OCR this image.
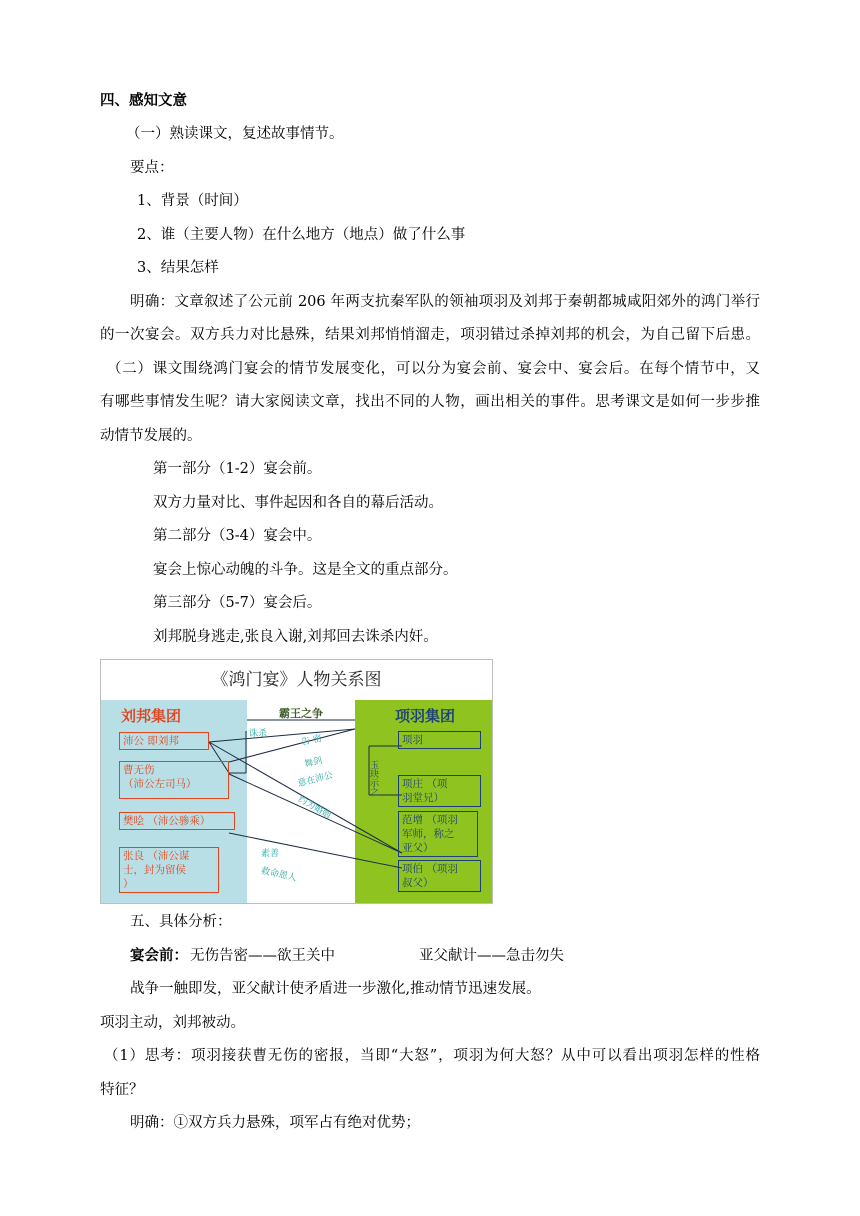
四、感知文意
（一）熟读课文，复述故事情节。
要点：
1、背景（时间）
2、谁（主要人物）在什么地方（地点）做了什么事
3、结果怎样
明确：文章叙述了公元前 206 年两支抗秦军队的领袖项羽及刘邦于秦朝都城咸阳郊外的鸿门举行
的一次宴会。双方兵力对比悬殊，结果刘邦悄悄溜走，项羽错过杀掉刘邦的机会，为自己留下后患。
（二）课文围绕鸿门宴会的情节发展变化，可以分为宴会前、宴会中、宴会后。在每个情节中，又
有哪些事情发生呢？请大家阅读文章，找出不同的人物，画出相关的事件。思考课文是如何一步步推
动情节发展的。
第一部分（1-2）宴会前。
双方力量对比、事件起因和各自的幕后活动。
第二部分（3-4）宴会中。
宴会上惊心动魄的斗争。这是全文的重点部分。
第三部分（5-7）宴会后。
刘邦脱身逃走,张良入谢,刘邦回去诛杀内奸。
《鸿门宴》人物关系图
刘邦集团	项羽集团
霸王之争
沛公 即刘邦
曹无伤
（沛公左司马）
樊哙 （沛公骖乘）
张良 （沛公谋
士，封为留侯
）
项羽
项庄 （项
羽堂兄）
范增 （项羽
军师，称之
亚父）
项伯 （项羽
叔父）
诛杀	告 密
舞剑
意在沛公
约为婚姻
素善
救命恩人
玉玦示之
五、具体分析：
宴会前： 无伤告密——欲王关中	亚父献计——急击勿失
战争一触即发，亚父献计使矛盾进一步激化,推动情节迅速发展。
项羽主动，刘邦被动。
（1）思考：项羽接获曹无伤的密报，当即“大怒”，项羽为何大怒？从中可以看出项羽怎样的性格
特征？
明确：①双方兵力悬殊，项军占有绝对优势；
